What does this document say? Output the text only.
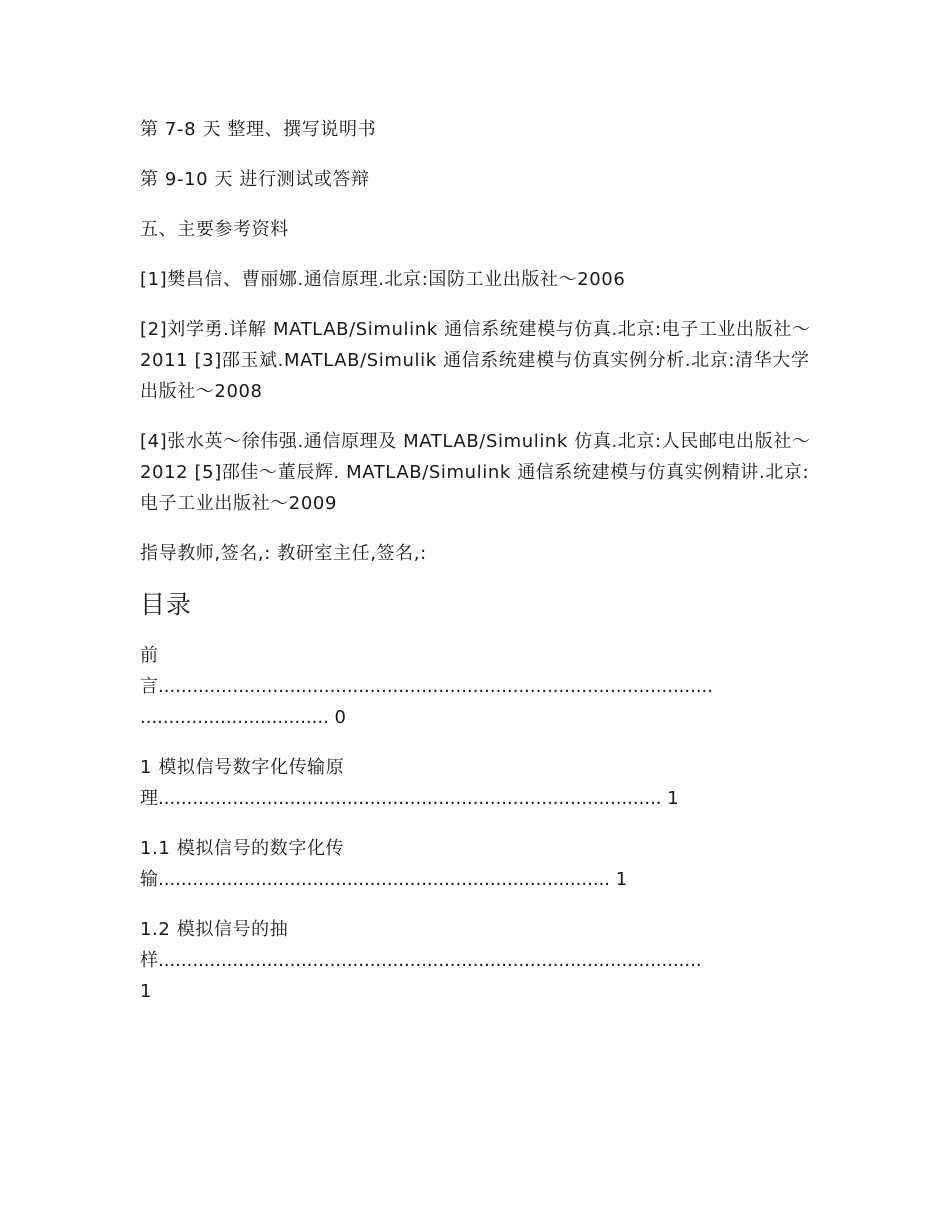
第 7-8 天 整理、撰写说明书

第 9-10 天 进行测试或答辩

五、主要参考资料

[1]樊昌信、曹丽娜.通信原理.北京:国防工业出版社～2006

[2]刘学勇.详解 MATLAB/Simulink 通信系统建模与仿真.北京:电子工业出版社～2011 [3]邵玉斌.MATLAB/Simulik 通信系统建模与仿真实例分析.北京:清华大学出版社～2008

[4]张水英～徐伟强.通信原理及 MATLAB/Simulink 仿真.北京:人民邮电出版社～2012 [5]邵佳～董辰辉. MATLAB/Simulink 通信系统建模与仿真实例精讲.北京:电子工业出版社～2009

指导教师,签名,: 教研室主任,签名,:

目录
前
言.................................................................................................
................................. 0
1 模拟信号数字化传输原
理........................................................................................ 1
1.1 模拟信号的数字化传
输............................................................................... 1
1.2 模拟信号的抽
样...............................................................................................
1
